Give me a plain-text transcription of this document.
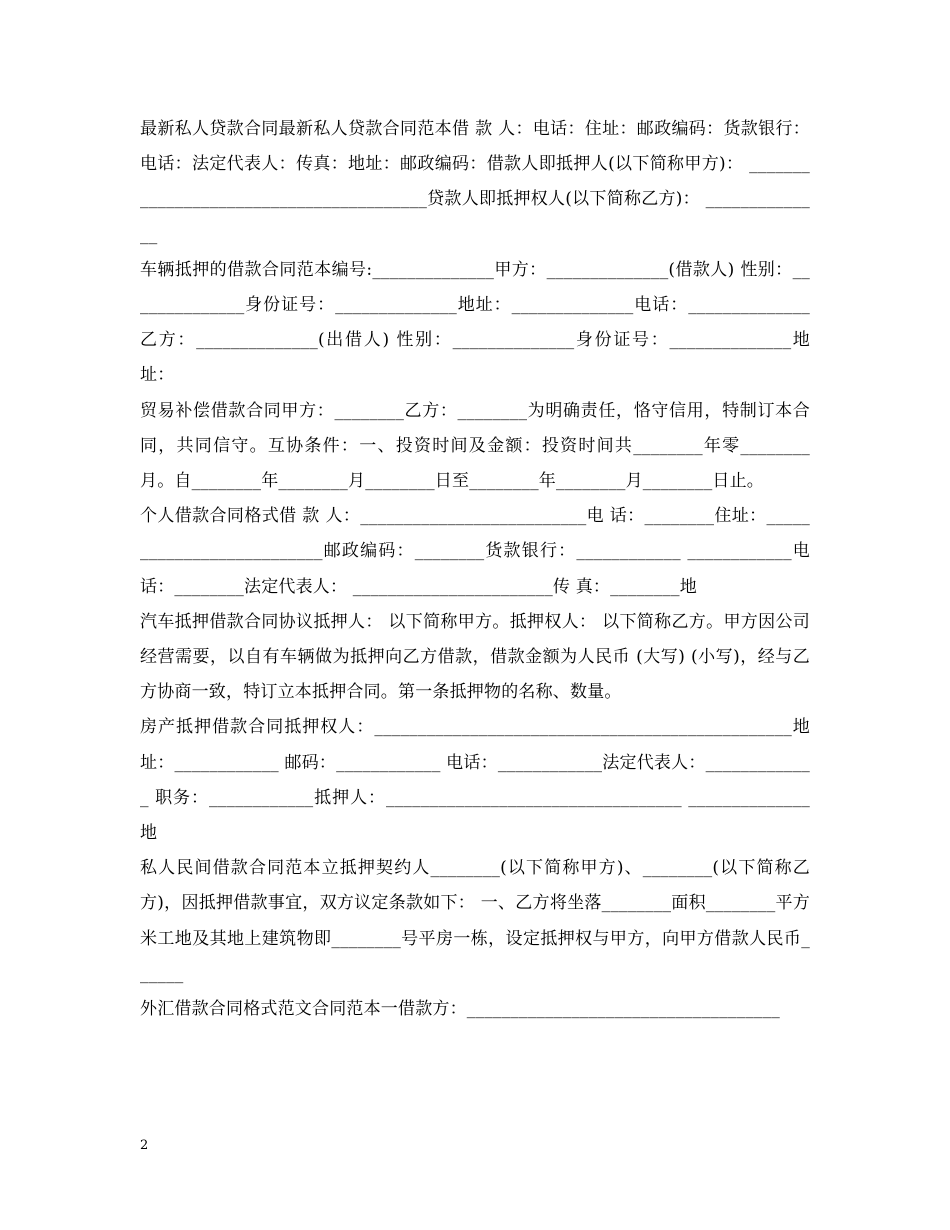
最新私人贷款合同最新私人贷款合同范本借 款 人：电话：住址：邮政编码：货款银行：电话：法定代表人：传真：地址：邮政编码：借款人即抵押人(以下简称甲方)： ________________________________________贷款人即抵押权人(以下简称乙方)： ______________

车辆抵押的借款合同范本编号:______________甲方：______________(借款人) 性别：______________身份证号：______________地址：______________电话：______________乙方：______________(出借人) 性别：______________身份证号：______________地址：

贸易补偿借款合同甲方：________乙方：________为明确责任，恪守信用，特制订本合同，共同信守。互协条件：一、投资时间及金额：投资时间共________年零________月。自________年________月________日至________年________月________日止。

个人借款合同格式借 款 人：__________________________电 话：________住址：__________________________邮政编码：________货款银行：____________ ____________电 话：________法定代表人： _______________________传 真：________地

汽车抵押借款合同协议抵押人： 以下简称甲方。抵押权人： 以下简称乙方。甲方因公司经营需要，以自有车辆做为抵押向乙方借款，借款金额为人民币 (大写) (小写)，经与乙方协商一致，特订立本抵押合同。第一条抵押物的名称、数量。

房产抵押借款合同抵押权人：________________________________________________地 址：____________ 邮码：____________ 电话：____________法定代表人：_____________ 职务：____________抵押人：__________________________________ ______________地

私人民间借款合同范本立抵押契约人________(以下简称甲方)、________(以下简称乙方)，因抵押借款事宜，双方议定条款如下： 一、乙方将坐落________面积________平方米工地及其地上建筑物即________号平房一栋，设定抵押权与甲方，向甲方借款人民币______

外汇借款合同格式范文合同范本一借款方：____________________________________

2
